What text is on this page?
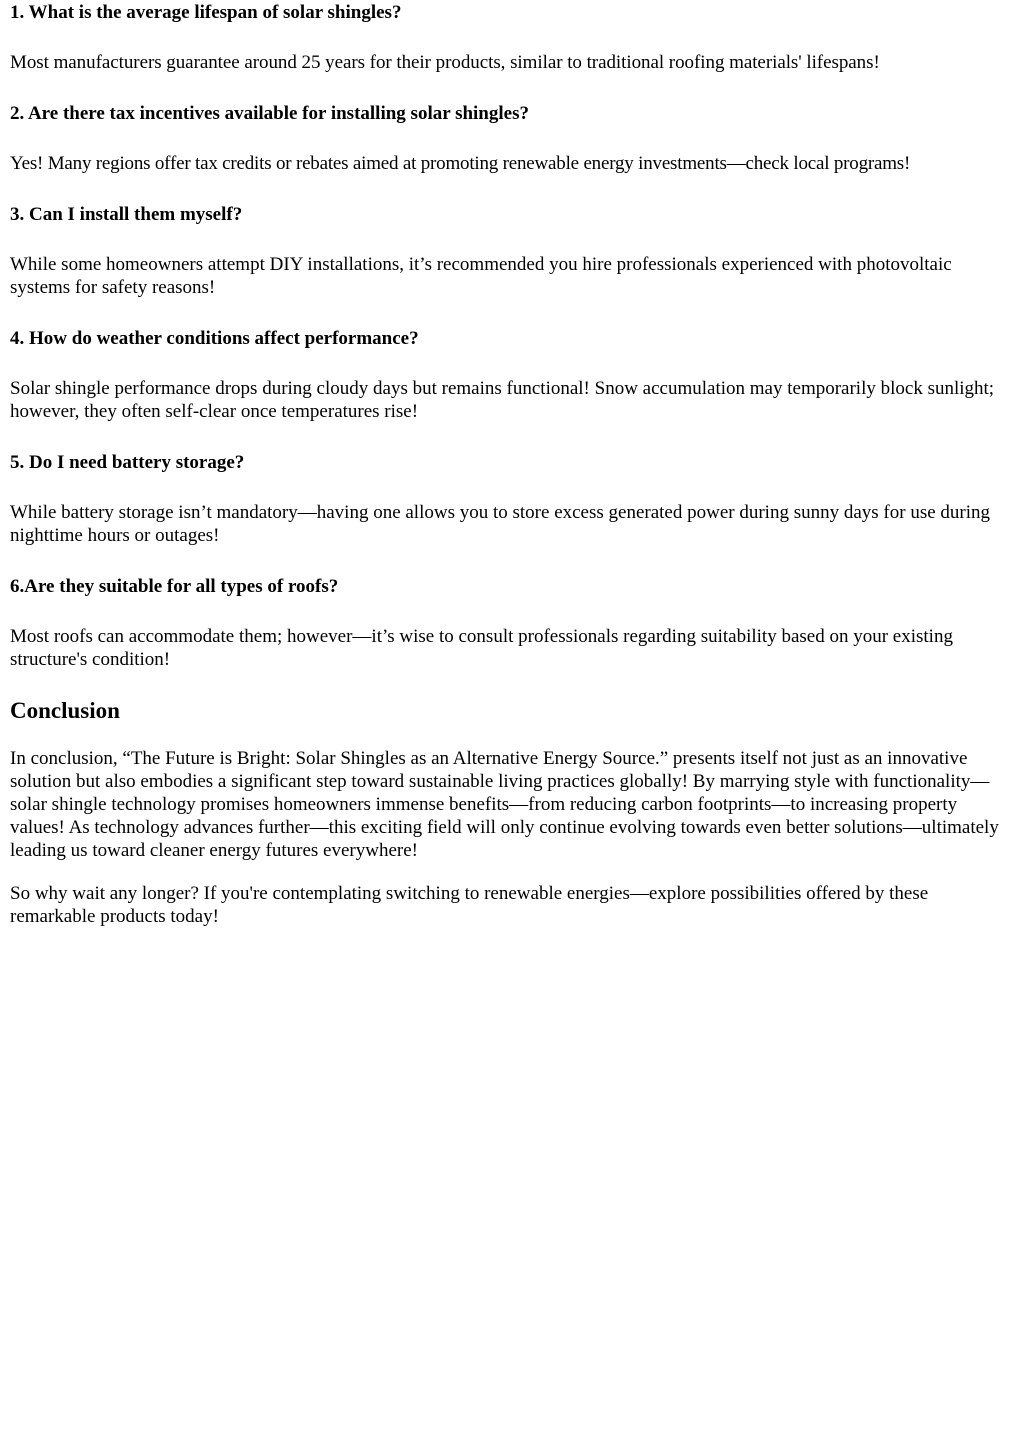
1. What is the average lifespan of solar shingles?
Most manufacturers guarantee around 25 years for their products, similar to traditional roofing materials' lifespans!
2. Are there tax incentives available for installing solar shingles?
Yes! Many regions offer tax credits or rebates aimed at promoting renewable energy investments—check local programs!
3. Can I install them myself?
While some homeowners attempt DIY installations, it’s recommended you hire professionals experienced with photovoltaic systems for safety reasons!
4. How do weather conditions affect performance?
Solar shingle performance drops during cloudy days but remains functional! Snow accumulation may temporarily block sunlight; however, they often self-clear once temperatures rise!
5. Do I need battery storage?
While battery storage isn’t mandatory—having one allows you to store excess generated power during sunny days for use during nighttime hours or outages!
6.Are they suitable for all types of roofs?
Most roofs can accommodate them; however—it’s wise to consult professionals regarding suitability based on your existing structure's condition!
Conclusion

In conclusion, “The Future is Bright: Solar Shingles as an Alternative Energy Source.” presents itself not just as an innovative solution but also embodies a significant step toward sustainable living practices globally! By marrying style with functionality—solar shingle technology promises homeowners immense benefits—from reducing carbon footprints—to increasing property values! As technology advances further—this exciting field will only continue evolving towards even better solutions—ultimately leading us toward cleaner energy futures everywhere!

So why wait any longer? If you're contemplating switching to renewable energies—explore possibilities offered by these remarkable products today!
